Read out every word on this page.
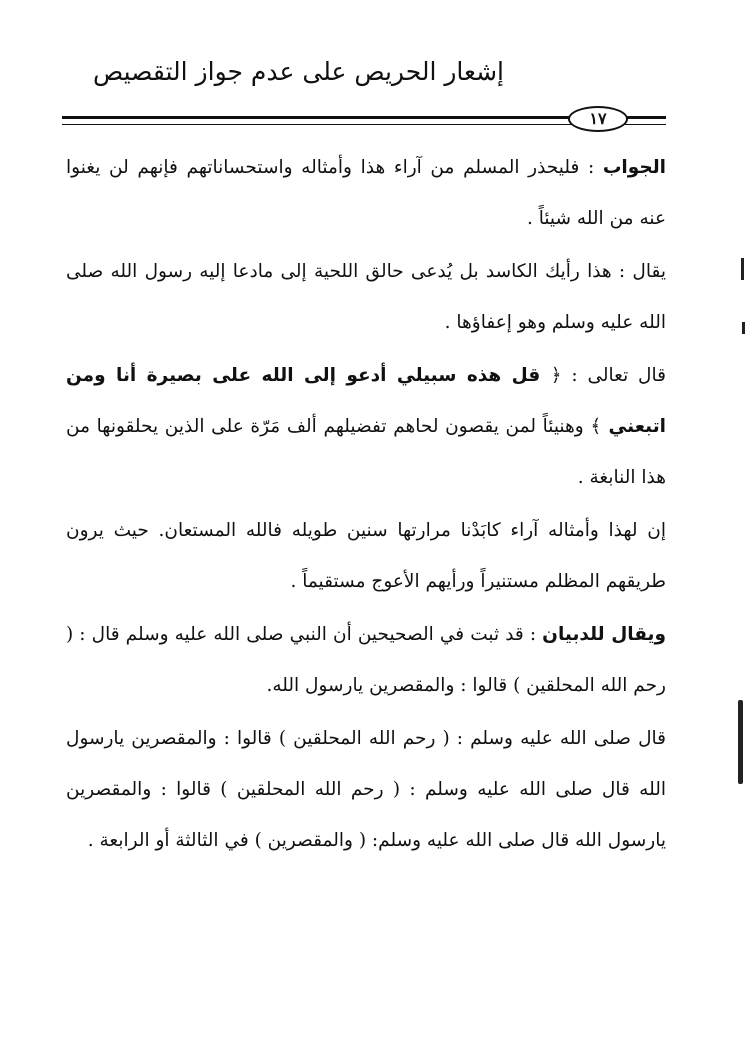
إشعار الحريص على عدم جواز التقصيص
١٧

الجواب : فليحذر المسلم من آراء هذا وأمثاله واستحساناتهم فإنهم لن يغنوا عنه من الله شيئاً .

يقال : هذا رأيك الكاسد بل يُدعى حالق اللحية إلى مادعا إليه رسول الله صلى الله عليه وسلم وهو إعفاؤها .

قال تعالى : ﴿ قل هذه سبيلي أدعو إلى الله على بصيرة أنا ومن اتبعني ﴾ وهنيئاً لمن يقصون لحاهم تفضيلهم ألف مَرّة على الذين يحلقونها من هذا النابغة .

إن لهذا وأمثاله آراء كابَدْنا مرارتها سنين طويله فالله المستعان. حيث يرون طريقهم المظلم مستنيراً ورأيهم الأعوج مستقيماً .

ويقال للدبيان : قد ثبت في الصحيحين أن النبي صلى الله عليه وسلم قال : ( رحم الله المحلقين ) قالوا : والمقصرين يارسول الله.

قال صلى الله عليه وسلم : ( رحم الله المحلقين ) قالوا : والمقصرين يارسول الله قال صلى الله عليه وسلم : ( رحم الله المحلقين ) قالوا : والمقصرين يارسول الله قال صلى الله عليه وسلم: ( والمقصرين ) في الثالثة أو الرابعة .
